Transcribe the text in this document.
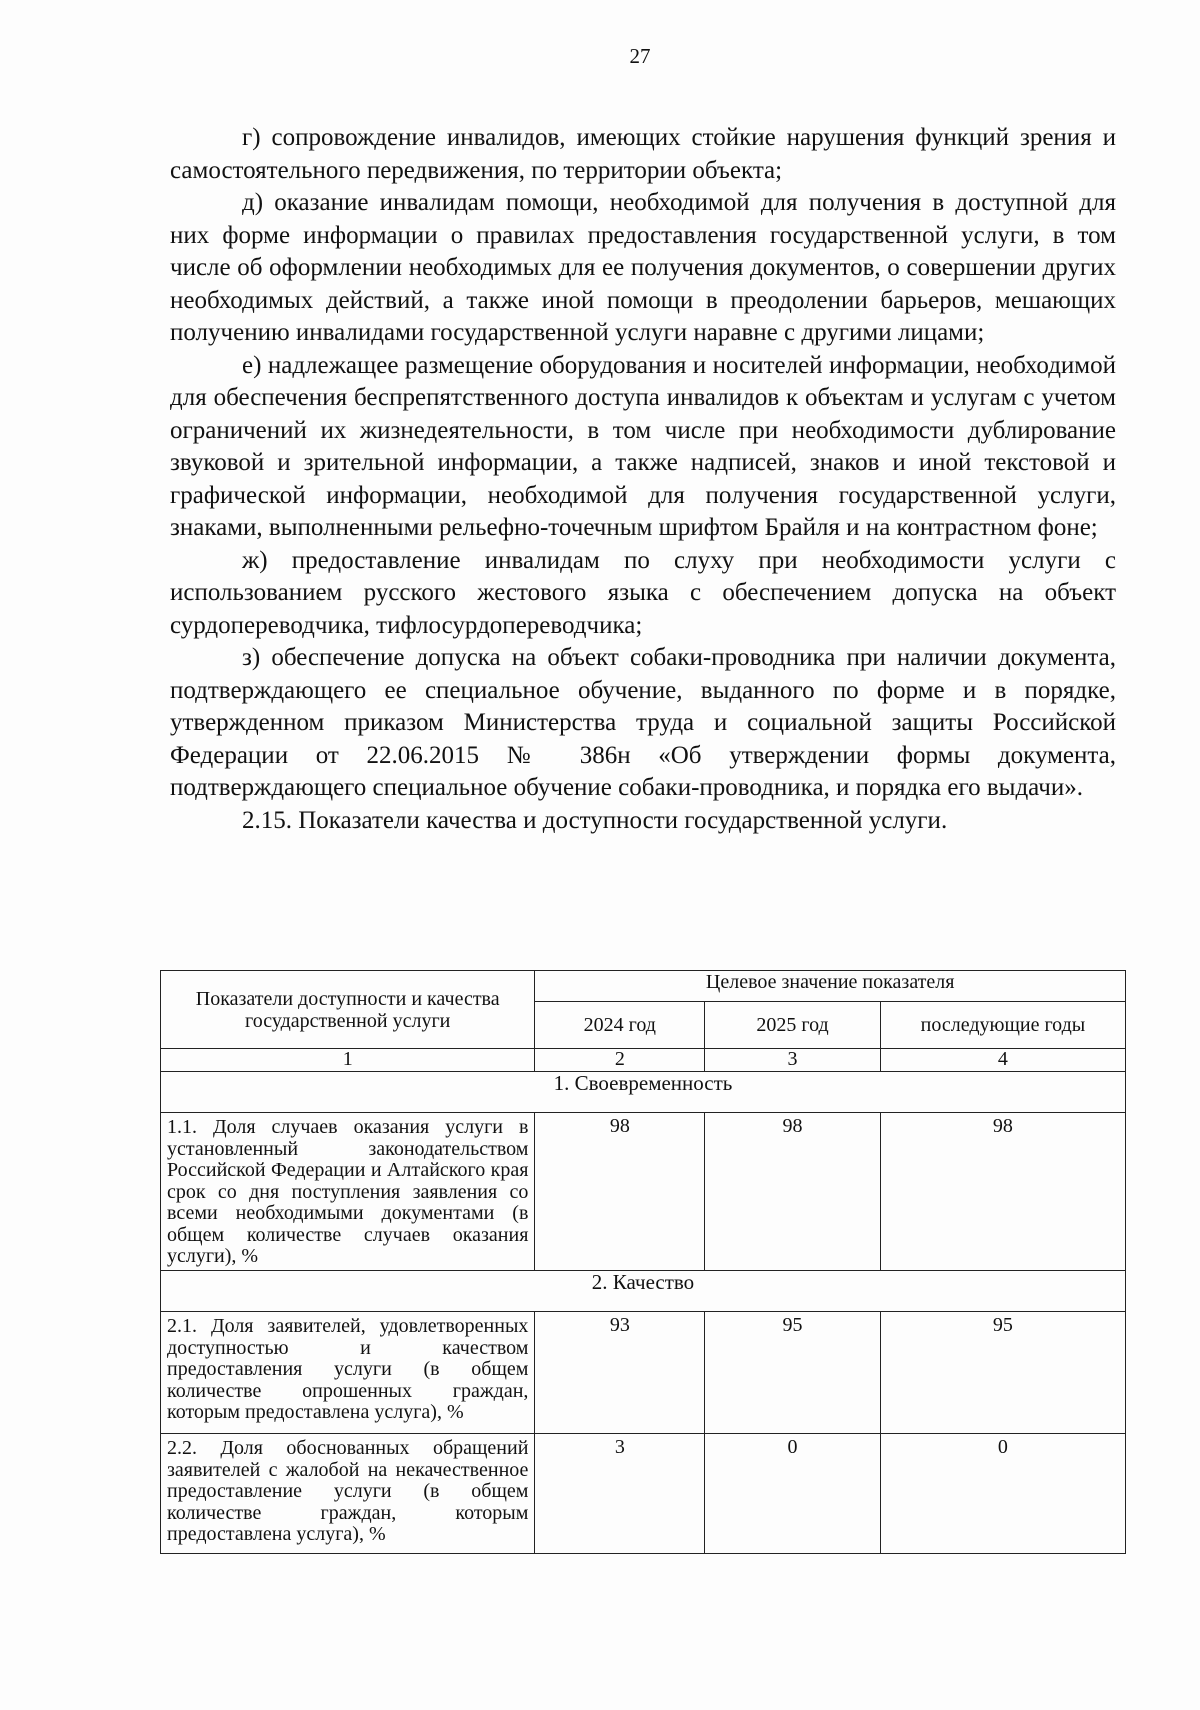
27

г) сопровождение инвалидов, имеющих стойкие нарушения функций зрения и самостоятельного передвижения, по территории объекта;

д) оказание инвалидам помощи, необходимой для получения в доступной для них форме информации о правилах предоставления государственной услуги, в том числе об оформлении необходимых для ее получения документов, о совершении других необходимых действий, а также иной помощи в преодолении барьеров, мешающих получению инвалидами государственной услуги наравне с другими лицами;

е) надлежащее размещение оборудования и носителей информации, необходимой для обеспечения беспрепятственного доступа инвалидов к объектам и услугам с учетом ограничений их жизнедеятельности, в том числе при необходимости дублирование звуковой и зрительной информации, а также надписей, знаков и иной текстовой и графической информации, необходимой для получения государственной услуги, знаками, выполненными рельефно-точечным шрифтом Брайля и на контрастном фоне;

ж) предоставление инвалидам по слуху при необходимости услуги с использованием русского жестового языка с обеспечением допуска на объект сурдопереводчика, тифлосурдопереводчика;

з) обеспечение допуска на объект собаки-проводника при наличии документа, подтверждающего ее специальное обучение, выданного по форме и в порядке, утвержденном приказом Министерства труда и социальной защиты Российской Федерации от 22.06.2015 № 386н «Об утверждении формы документа, подтверждающего специальное обучение собаки-проводника, и порядка его выдачи».

2.15. Показатели качества и доступности государственной услуги.

Показатели доступности и качества государственной услуги	Целевое значение показателя		
	2024 год	2025 год	последующие годы
1	2	3	4
1. Своевременность			
1.1. Доля случаев оказания услуги в установленный законодательством Российской Федерации и Алтайского края срок со дня поступления заявления со всеми необходимыми документами (в общем количестве случаев оказания услуги), %	98	98	98
2. Качество			
2.1. Доля заявителей, удовлетворенных доступностью и качеством предоставления услуги (в общем количестве опрошенных граждан, которым предоставлена услуга), %	93	95	95
2.2. Доля обоснованных обращений заявителей с жалобой на некачественное предоставление услуги (в общем количестве граждан, которым предоставлена услуга), %	3	0	0
